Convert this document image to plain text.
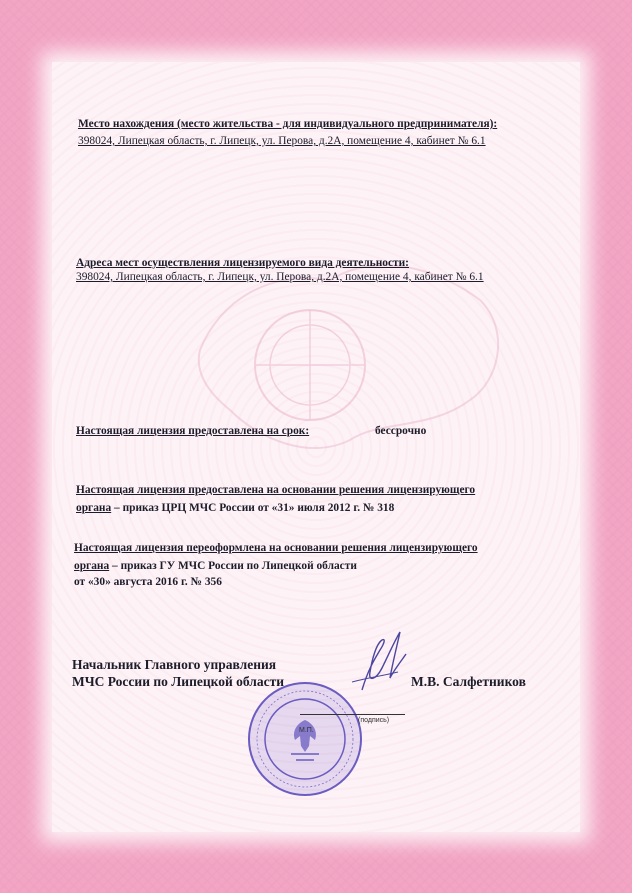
Место нахождения (место жительства - для индивидуального предпринимателя):
398024, Липецкая область, г. Липецк, ул. Перова, д.2А, помещение 4, кабинет № 6.1
Адреса мест осуществления лицензируемого вида деятельности:
398024, Липецкая область, г. Липецк, ул. Перова, д.2А, помещение 4, кабинет № 6.1
Настоящая лицензия предоставлена на срок:	бессрочно
Настоящая лицензия предоставлена на основании решения лицензирующего
органа – приказ ЦРЦ МЧС России от «31» июля 2012 г. № 318
Настоящая лицензия переоформлена на основании решения лицензирующего
органа – приказ ГУ МЧС России по Липецкой области
от «30» августа 2016 г. № 356
Начальник Главного управления
МЧС России по Липецкой области	М.В. Салфетников
(подпись)
М.П.
